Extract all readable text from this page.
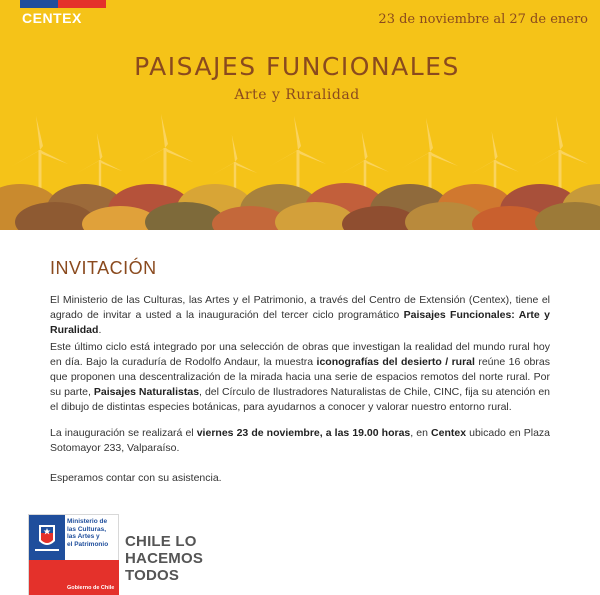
CENTEX	23 de noviembre al 27 de enero
PAISAJES FUNCIONALES
Arte y Ruralidad
INVITACIÓN

El Ministerio de las Culturas, las Artes y el Patrimonio, a través del Centro de Extensión (Centex), tiene el agrado de invitar a usted a la inauguración del tercer ciclo programático Paisajes Funcionales: Arte y Ruralidad.

Este último ciclo está integrado por una selección de obras que investigan la realidad del mundo rural hoy en día. Bajo la curaduría de Rodolfo Andaur, la muestra iconografías del desierto / rural reúne 16 obras que proponen una descentralización de la mirada hacia una serie de espacios remotos del norte rural. Por su parte, Paisajes Naturalistas, del Círculo de Ilustradores Naturalistas de Chile, CINC, fija su atención en el dibujo de distintas especies botánicas, para ayudarnos a conocer y valorar nuestro entorno rural.

La inauguración se realizará el viernes 23 de noviembre, a las 19.00 horas, en Centex ubicado en Plaza Sotomayor 233, Valparaíso.

Esperamos contar con su asistencia.

Ministerio de
las Culturas,
las Artes y
el Patrimonio
Gobierno de Chile
CHILE LO
HACEMOS
TODOS
